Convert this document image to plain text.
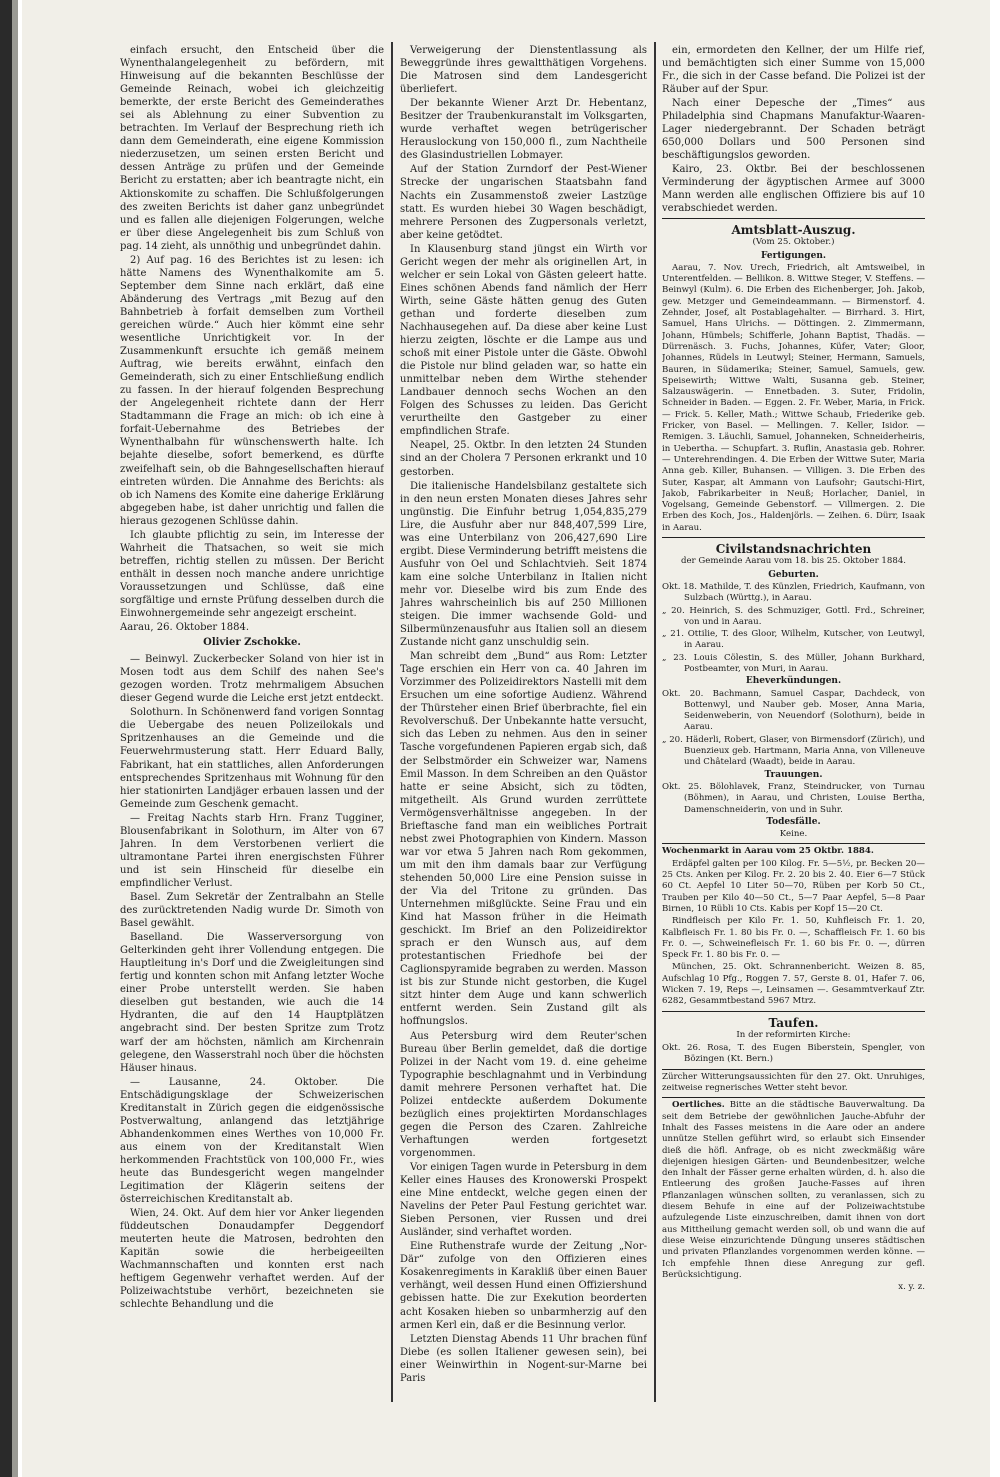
einfach ersucht, den Entscheid über die Wynenthalangelegenheit zu befördern, mit Hinweisung auf die bekannten Beschlüsse der Gemeinde Reinach, wobei ich gleichzeitig bemerkte, der erste Bericht des Gemeinderathes sei als Ablehnung zu einer Subvention zu betrachten. Im Verlauf der Besprechung rieth ich dann dem Gemeinderath, eine eigene Kommission niederzusetzen, um seinen ersten Bericht und dessen Anträge zu prüfen und der Gemeinde Bericht zu erstatten; aber ich beantragte nicht, ein Aktionskomite zu schaffen. Die Schlußfolgerungen des zweiten Berichts ist daher ganz unbegründet und es fallen alle diejenigen Folgerungen, welche er über diese Angelegenheit bis zum Schluß von pag. 14 zieht, als unnöthig und unbegründet dahin.

2) Auf pag. 16 des Berichtes ist zu lesen: ich hätte Namens des Wynenthalkomite am 5. September dem Sinne nach erklärt, daß eine Abänderung des Vertrags „mit Bezug auf den Bahnbetrieb à forfait demselben zum Vortheil gereichen würde.“ Auch hier kömmt eine sehr wesentliche Unrichtigkeit vor. In der Zusammenkunft ersuchte ich gemäß meinem Auftrag, wie bereits erwähnt, einfach den Gemeinderath, sich zu einer Entschließung endlich zu fassen. In der hierauf folgenden Besprechung der Angelegenheit richtete dann der Herr Stadtammann die Frage an mich: ob ich eine à forfait-Uebernahme des Betriebes der Wynenthalbahn für wünschenswerth halte. Ich bejahte dieselbe, sofort bemerkend, es dürfte zweifelhaft sein, ob die Bahngesellschaften hierauf eintreten würden. Die Annahme des Berichts: als ob ich Namens des Komite eine daherige Erklärung abgegeben habe, ist daher unrichtig und fallen die hieraus gezogenen Schlüsse dahin.

Ich glaubte pflichtig zu sein, im Interesse der Wahrheit die Thatsachen, so weit sie mich betreffen, richtig stellen zu müssen. Der Bericht enthält in dessen noch manche andere unrichtige Voraussetzungen und Schlüsse, daß eine sorgfältige und ernste Prüfung desselben durch die Einwohnergemeinde sehr angezeigt erscheint.

Aarau, 26. Oktober 1884.

Olivier Zschokke.

— Beinwyl. Zuckerbecker Soland von hier ist in Mosen todt aus dem Schilf des nahen See's gezogen worden. Trotz mehrmaligem Absuchen dieser Gegend wurde die Leiche erst jetzt entdeckt.

Solothurn. In Schönenwerd fand vorigen Sonntag die Uebergabe des neuen Polizeilokals und Spritzenhauses an die Gemeinde und die Feuerwehrmusterung statt. Herr Eduard Bally, Fabrikant, hat ein stattliches, allen Anforderungen entsprechendes Spritzenhaus mit Wohnung für den hier stationirten Landjäger erbauen lassen und der Gemeinde zum Geschenk gemacht.

— Freitag Nachts starb Hrn. Franz Tugginer, Blousenfabrikant in Solothurn, im Alter von 67 Jahren. In dem Verstorbenen verliert die ultramontane Partei ihren energischsten Führer und ist sein Hinscheid für dieselbe ein empfindlicher Verlust.

Basel. Zum Sekretär der Zentralbahn an Stelle des zurücktretenden Nadig wurde Dr. Simoth von Basel gewählt.

Baselland. Die Wasserversorgung von Gelterkinden geht ihrer Vollendung entgegen. Die Hauptleitung in's Dorf und die Zweigleitungen sind fertig und konnten schon mit Anfang letzter Woche einer Probe unterstellt werden. Sie haben dieselben gut bestanden, wie auch die 14 Hydranten, die auf den 14 Hauptplätzen angebracht sind. Der besten Spritze zum Trotz warf der am höchsten, nämlich am Kirchenrain gelegene, den Wasserstrahl noch über die höchsten Häuser hinaus.

— Lausanne, 24. Oktober. Die Entschädigungsklage der Schweizerischen Kreditanstalt in Zürich gegen die eidgenössische Postverwaltung, anlangend das letztjährige Abhandenkommen eines Werthes von 10,000 Fr. aus einem von der Kreditanstalt Wien herkommenden Frachtstück von 100,000 Fr., wies heute das Bundesgericht wegen mangelnder Legitimation der Klägerin seitens der österreichischen Kreditanstalt ab.

Wien, 24. Okt. Auf dem hier vor Anker liegenden füddeutschen Donaudampfer Deggendorf meuterten heute die Matrosen, bedrohten den Kapitän sowie die herbeigeeilten Wachmannschaften und konnten erst nach heftigem Gegenwehr verhaftet werden. Auf der Polizeiwachtstube verhört, bezeichneten sie schlechte Behandlung und die

Verweigerung der Dienstentlassung als Beweggründe ihres gewaltthätigen Vorgehens. Die Matrosen sind dem Landesgericht überliefert.

Der bekannte Wiener Arzt Dr. Hebentanz, Besitzer der Traubenkuranstalt im Volksgarten, wurde verhaftet wegen betrügerischer Herauslockung von 150,000 fl., zum Nachtheile des Glasindustriellen Lobmayer.

Auf der Station Zurndorf der Pest-Wiener Strecke der ungarischen Staatsbahn fand Nachts ein Zusammenstoß zweier Lastzüge statt. Es wurden hiebei 30 Wagen beschädigt, mehrere Personen des Zugpersonals verletzt, aber keine getödtet.

In Klausenburg stand jüngst ein Wirth vor Gericht wegen der mehr als originellen Art, in welcher er sein Lokal von Gästen geleert hatte. Eines schönen Abends fand nämlich der Herr Wirth, seine Gäste hätten genug des Guten gethan und forderte dieselben zum Nachhausegehen auf. Da diese aber keine Lust hierzu zeigten, löschte er die Lampe aus und schoß mit einer Pistole unter die Gäste. Obwohl die Pistole nur blind geladen war, so hatte ein unmittelbar neben dem Wirthe stehender Landbauer dennoch sechs Wochen an den Folgen des Schusses zu leiden. Das Gericht verurtheilte den Gastgeber zu einer empfindlichen Strafe.

Neapel, 25. Oktbr. In den letzten 24 Stunden sind an der Cholera 7 Personen erkrankt und 10 gestorben.

Die italienische Handelsbilanz gestaltete sich in den neun ersten Monaten dieses Jahres sehr ungünstig. Die Einfuhr betrug 1,054,835,279 Lire, die Ausfuhr aber nur 848,407,599 Lire, was eine Unterbilanz von 206,427,690 Lire ergibt. Diese Verminderung betrifft meistens die Ausfuhr von Oel und Schlachtvieh. Seit 1874 kam eine solche Unterbilanz in Italien nicht mehr vor. Dieselbe wird bis zum Ende des Jahres wahrscheinlich bis auf 250 Millionen steigen. Die immer wachsende Gold- und Silbermünzenausfuhr aus Italien soll an diesem Zustande nicht ganz unschuldig sein.

Man schreibt dem „Bund“ aus Rom: Letzter Tage erschien ein Herr von ca. 40 Jahren im Vorzimmer des Polizeidirektors Nastelli mit dem Ersuchen um eine sofortige Audienz. Während der Thürsteher einen Brief überbrachte, fiel ein Revolverschuß. Der Unbekannte hatte versucht, sich das Leben zu nehmen. Aus den in seiner Tasche vorgefundenen Papieren ergab sich, daß der Selbstmörder ein Schweizer war, Namens Emil Masson. In dem Schreiben an den Quästor hatte er seine Absicht, sich zu tödten, mitgetheilt. Als Grund wurden zerrüttete Vermögensverhältnisse angegeben. In der Brieftasche fand man ein weibliches Portrait nebst zwei Photographien von Kindern. Masson war vor etwa 5 Jahren nach Rom gekommen, um mit den ihm damals baar zur Verfügung stehenden 50,000 Lire eine Pension suisse in der Via del Tritone zu gründen. Das Unternehmen mißglückte. Seine Frau und ein Kind hat Masson früher in die Heimath geschickt. Im Brief an den Polizeidirektor sprach er den Wunsch aus, auf dem protestantischen Friedhofe bei der Caglionspyramide begraben zu werden. Masson ist bis zur Stunde nicht gestorben, die Kugel sitzt hinter dem Auge und kann schwerlich entfernt werden. Sein Zustand gilt als hoffnungslos.

Aus Petersburg wird dem Reuter'schen Bureau über Berlin gemeldet, daß die dortige Polizei in der Nacht vom 19. d. eine geheime Typographie beschlagnahmt und in Verbindung damit mehrere Personen verhaftet hat. Die Polizei entdeckte außerdem Dokumente bezüglich eines projektirten Mordanschlages gegen die Person des Czaren. Zahlreiche Verhaftungen werden fortgesetzt vorgenommen.

Vor einigen Tagen wurde in Petersburg in dem Keller eines Hauses des Kronowerski Prospekt eine Mine entdeckt, welche gegen einen der Navelins der Peter Paul Festung gerichtet war. Sieben Personen, vier Russen und drei Ausländer, sind verhaftet worden.

Eine Ruthenstrafe wurde der Zeitung „Nor-Där“ zufolge von den Offizieren eines Kosakenregiments in Karakliß über einen Bauer verhängt, weil dessen Hund einen Offiziershund gebissen hatte. Die zur Exekution beorderten acht Kosaken hieben so unbarmherzig auf den armen Kerl ein, daß er die Besinnung verlor.

Letzten Dienstag Abends 11 Uhr brachen fünf Diebe (es sollen Italiener gewesen sein), bei einer Weinwirthin in Nogent-sur-Marne bei Paris

ein, ermordeten den Kellner, der um Hilfe rief, und bemächtigten sich einer Summe von 15,000 Fr., die sich in der Casse befand. Die Polizei ist der Räuber auf der Spur.

Nach einer Depesche der „Times“ aus Philadelphia sind Chapmans Manufaktur-Waaren-Lager niedergebrannt. Der Schaden beträgt 650,000 Dollars und 500 Personen sind beschäftigungslos geworden.

Kairo, 23. Oktbr. Bei der beschlossenen Verminderung der ägyptischen Armee auf 3000 Mann werden alle englischen Offiziere bis auf 10 verabschiedet werden.

Amtsblatt-Auszug.
(Vom 25. Oktober.)
Fertigungen.

Aarau, 7. Nov. Urech, Friedrich, alt Amtsweibel, in Unterentfelden. — Bellikon. 8. Wittwe Steger, V. Steffens. — Beinwyl (Kulm). 6. Die Erben des Eichenberger, Joh. Jakob, gew. Metzger und Gemeindeammann. — Birmenstorf. 4. Zehnder, Josef, alt Postablagehalter. — Birrhard. 3. Hirt, Samuel, Hans Ulrichs. — Döttingen. 2. Zimmermann, Johann, Hümbels; Schifferle, Johann Baptist, Thadäs. — Dürrenäsch. 3. Fuchs, Johannes, Küfer, Vater; Gloor, Johannes, Rüdels in Leutwyl; Steiner, Hermann, Samuels, Bauren, in Südamerika; Steiner, Samuel, Samuels, gew. Speisewirth; Wittwe Walti, Susanna geb. Steiner, Salzauswägerin. — Ennetbaden. 3. Suter, Fridolin, Schneider in Baden. — Eggen. 2. Fr. Weber, Maria, in Frick. — Frick. 5. Keller, Math.; Wittwe Schaub, Friederike geb. Fricker, von Basel. — Mellingen. 7. Keller, Isidor. — Remigen. 3. Läuchli, Samuel, Johanneken, Schneiderheiris, in Uebertha. — Schupfart. 3. Ruflin, Anastasia geb. Rohrer. — Unterehrendingen. 4. Die Erben der Wittwe Suter, Maria Anna geb. Killer, Buhansen. — Villigen. 3. Die Erben des Suter, Kaspar, alt Ammann von Laufsohr; Gautschi-Hirt, Jakob, Fabrikarbeiter in Neuß; Horlacher, Daniel, in Vogelsang, Gemeinde Gebenstorf. — Villmergen. 2. Die Erben des Koch, Jos., Haldenjörls. — Zeihen. 6. Dürr, Isaak in Aarau.

Civilstandsnachrichten
der Gemeinde Aarau vom 18. bis 25. Oktober 1884.
Geburten.

Okt. 18. Mathilde, T. des Künzlen, Friedrich, Kaufmann, von Sulzbach (Württg.), in Aarau.

„ 20. Heinrich, S. des Schmuziger, Gottl. Frd., Schreiner, von und in Aarau.

„ 21. Ottilie, T. des Gloor, Wilhelm, Kutscher, von Leutwyl, in Aarau.

„ 23. Louis Cölestin, S. des Müller, Johann Burkhard, Postbeamter, von Muri, in Aarau.

Eheverkündungen.

Okt. 20. Bachmann, Samuel Caspar, Dachdeck, von Bottenwyl, und Nauber geb. Moser, Anna Maria, Seidenweberin, von Neuendorf (Solothurn), beide in Aarau.

„ 20. Häderli, Robert, Glaser, von Birmensdorf (Zürich), und Buenzieux geb. Hartmann, Maria Anna, von Villeneuve und Châtelard (Waadt), beide in Aarau.

Trauungen.

Okt. 25. Bölohlavek, Franz, Steindrucker, von Turnau (Böhmen), in Aarau, und Christen, Louise Bertha, Damenschneiderin, von und in Suhr.

Todesfälle.
Keine.

Wochenmarkt in Aarau vom 25 Oktbr. 1884.

Erdäpfel galten per 100 Kilog. Fr. 5—5½, pr. Becken 20—25 Cts. Anken per Kilog. Fr. 2. 20 bis 2. 40. Eier 6—7 Stück 60 Ct. Aepfel 10 Liter 50—70, Rüben per Korb 50 Ct., Trauben per Kilo 40—50 Ct., 5—7 Paar Aepfel, 5—8 Paar Birnen, 10 Rübli 10 Cts. Kabis per Kopf 15—20 Ct.

Rindfleisch per Kilo Fr. 1. 50, Kuhfleisch Fr. 1. 20, Kalbfleisch Fr. 1. 80 bis Fr. 0. —, Schaffleisch Fr. 1. 60 bis Fr. 0. —, Schweinefleisch Fr. 1. 60 bis Fr. 0. —, dürren Speck Fr. 1. 80 bis Fr. 0. —

München, 25. Okt. Schrannenbericht. Weizen 8. 85, Aufschlag 10 Pfg., Roggen 7. 57, Gerste 8. 01, Hafer 7. 06, Wicken 7. 19, Reps —, Leinsamen —. Gesammtverkauf Ztr. 6282, Gesammtbestand 5967 Mtrz.

Taufen.
In der reformirten Kirche:

Okt. 26. Rosa, T. des Eugen Biberstein, Spengler, von Bözingen (Kt. Bern.)

Zürcher Witterungsaussichten für den 27. Okt. Unruhiges, zeitweise regnerisches Wetter steht bevor.

Oertliches. Bitte an die städtische Bauverwaltung. Da seit dem Betriebe der gewöhnlichen Jauche-Abfuhr der Inhalt des Fasses meistens in die Aare oder an andere unnütze Stellen geführt wird, so erlaubt sich Einsender dieß die höfl. Anfrage, ob es nicht zweckmäßig wäre diejenigen hiesigen Gärten- und Beundenbesitzer, welche den Inhalt der Fässer gerne erhalten würden, d. h. also die Entleerung des großen Jauche-Fasses auf ihren Pflanzanlagen wünschen sollten, zu veranlassen, sich zu diesem Behufe in eine auf der Polizeiwachtstube aufzulegende Liste einzuschreiben, damit ihnen von dort aus Mittheilung gemacht werden soll, ob und wann die auf diese Weise einzurichtende Düngung unseres städtischen und privaten Pflanzlandes vorgenommen werden könne. — Ich empfehle Ihnen diese Anregung zur gefl. Berücksichtigung.

x. y. z.
